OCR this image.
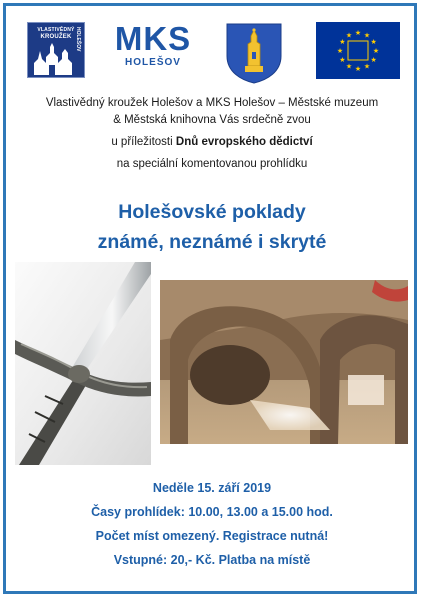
VLASTIVĚDNÝ
KROUŽEK HOLEŠOV MKS
HOLEŠOV
★ ★
★
★
★
★
★
★
★
★
★
★
Vlastivědný kroužek Holešov a MKS Holešov – Městské muzeum
& Městská knihovna Vás srdečně zvou
u příležitosti Dnů evropského dědictví
na speciální komentovanou prohlídku
Holešovské poklady
známé, neznámé i skryté
Neděle 15. září 2019
Časy prohlídek: 10.00, 13.00 a 15.00 hod.
Počet míst omezený. Registrace nutná!
Vstupné: 20,- Kč. Platba na místě
